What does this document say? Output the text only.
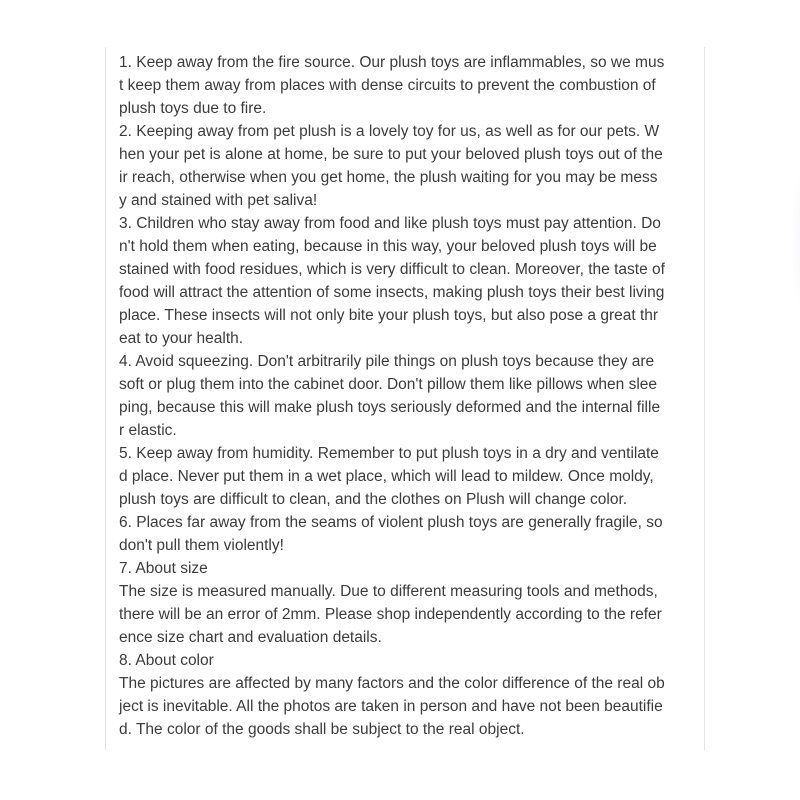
1. Keep away from the fire source. Our plush toys are inflammables, so we mus
t keep them away from places with dense circuits to prevent the combustion of
plush toys due to fire.
2. Keeping away from pet plush is a lovely toy for us, as well as for our pets. W
hen your pet is alone at home, be sure to put your beloved plush toys out of the
ir reach, otherwise when you get home, the plush waiting for you may be mess
y and stained with pet saliva!
3. Children who stay away from food and like plush toys must pay attention. Do
n't hold them when eating, because in this way, your beloved plush toys will be
stained with food residues, which is very difficult to clean. Moreover, the taste of
food will attract the attention of some insects, making plush toys their best living
place. These insects will not only bite your plush toys, but also pose a great thr
eat to your health.
4. Avoid squeezing. Don't arbitrarily pile things on plush toys because they are
soft or plug them into the cabinet door. Don't pillow them like pillows when slee
ping, because this will make plush toys seriously deformed and the internal fille
r elastic.
5. Keep away from humidity. Remember to put plush toys in a dry and ventilate
d place. Never put them in a wet place, which will lead to mildew. Once moldy,
plush toys are difficult to clean, and the clothes on Plush will change color.
6. Places far away from the seams of violent plush toys are generally fragile, so
don't pull them violently!
7. About size
The size is measured manually. Due to different measuring tools and methods,
there will be an error of 2mm. Please shop independently according to the refer
ence size chart and evaluation details.
8. About color
The pictures are affected by many factors and the color difference of the real ob
ject is inevitable. All the photos are taken in person and have not been beautifie
d. The color of the goods shall be subject to the real object.
